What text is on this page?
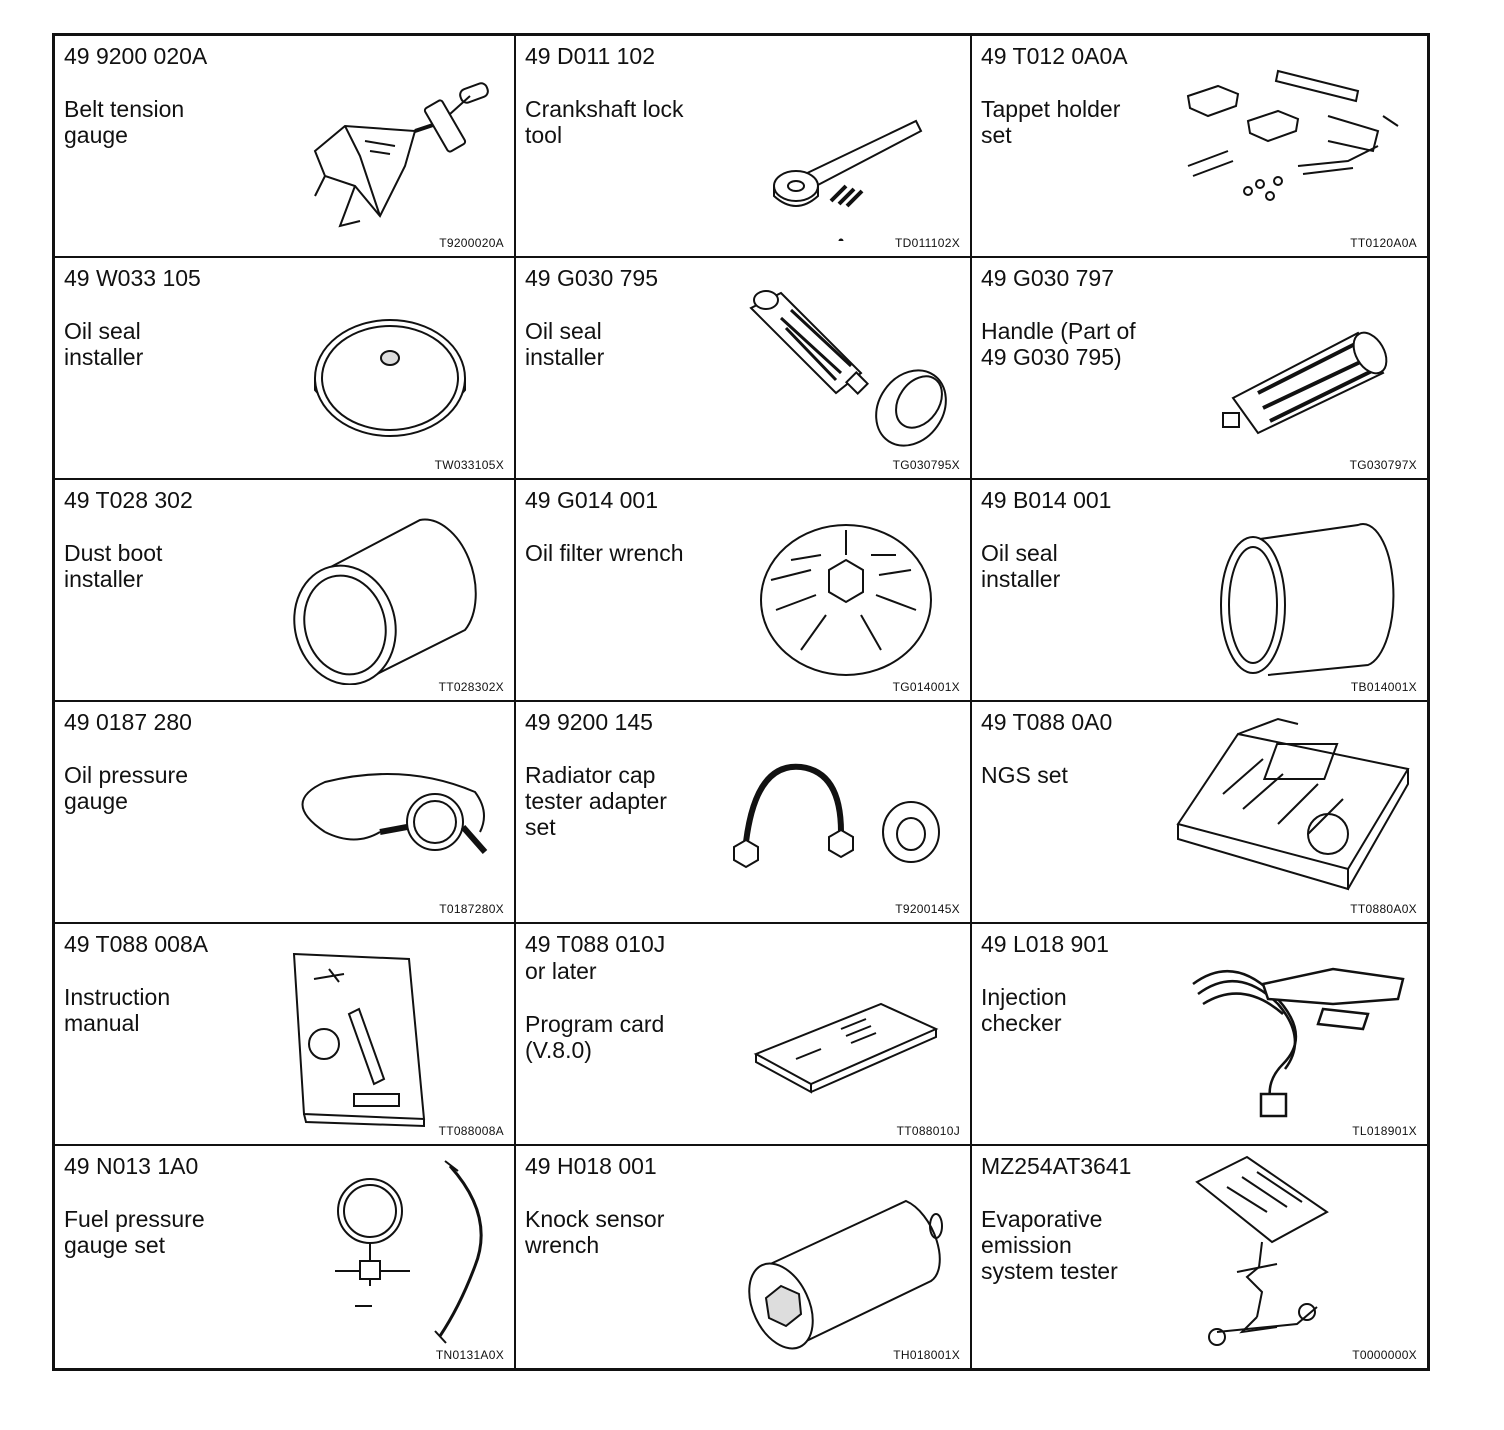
49 9200 020A
Belt tension
gauge
T9200020A
49 D011 102
Crankshaft lock
tool
TD011102X
49 T012 0A0A
Tappet holder
set
TT0120A0A
49 W033 105
Oil seal
installer
TW033105X
49 G030 795
Oil seal
installer
TG030795X
49 G030 797
Handle (Part of
49 G030 795)
TG030797X
49 T028 302
Dust boot
installer
TT028302X
49 G014 001
Oil filter wrench
TG014001X
49 B014 001
Oil seal
installer
TB014001X
49 0187 280
Oil pressure
gauge
T0187280X
49 9200 145
Radiator cap
tester adapter
set
T9200145X
49 T088 0A0
NGS set
TT0880A0X
49 T088 008A
Instruction
manual
TT088008A
49 T088 010J
or later
Program card
(V.8.0)
TT088010J
49 L018 901
Injection
checker
TL018901X
49 N013 1A0
Fuel pressure
gauge set
TN0131A0X
49 H018 001
Knock sensor
wrench
TH018001X
MZ254AT3641
Evaporative
emission
system tester
T0000000X
